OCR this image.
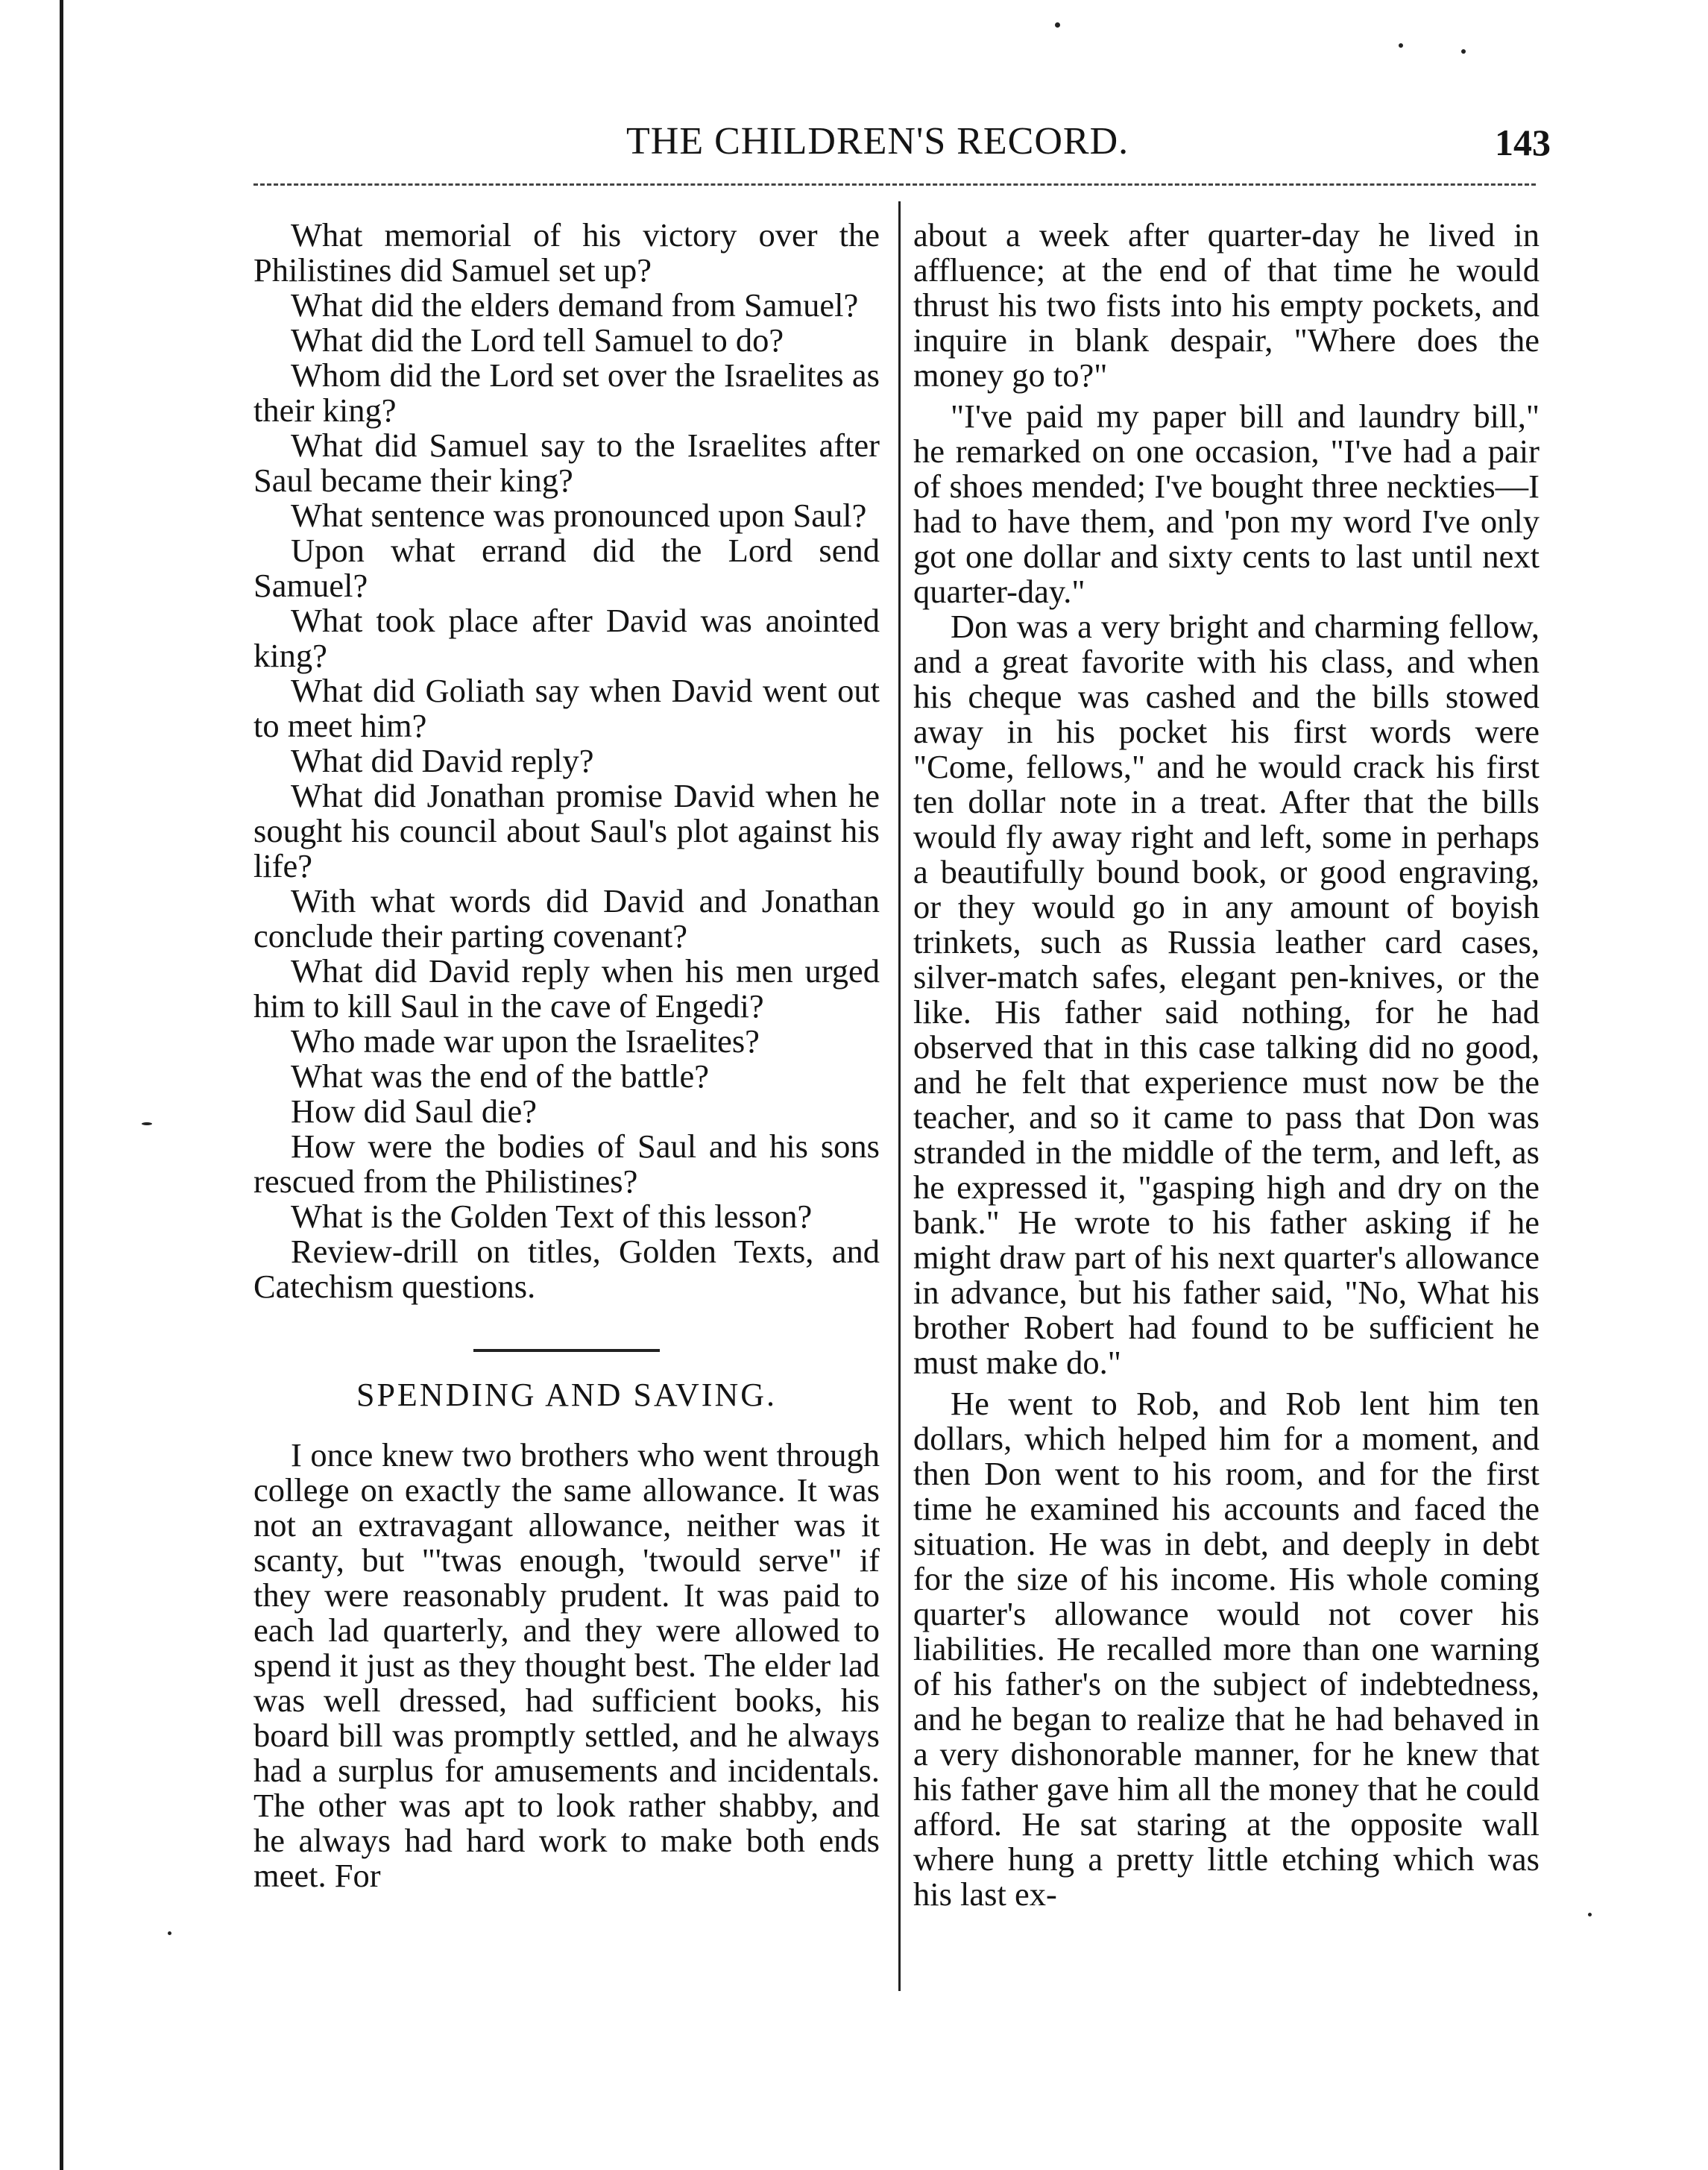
THE CHILDREN'S RECORD.	143

What memorial of his victory over the Philistines did Samuel set up?

What did the elders demand from Samuel?

What did the Lord tell Samuel to do?

Whom did the Lord set over the Israelites as their king?

What did Samuel say to the Israelites after Saul became their king?

What sentence was pronounced upon Saul?

Upon what errand did the Lord send Samuel?

What took place after David was anointed king?

What did Goliath say when David went out to meet him?

What did David reply?

What did Jonathan promise David when he sought his council about Saul's plot against his life?

With what words did David and Jonathan conclude their parting covenant?

What did David reply when his men urged him to kill Saul in the cave of Engedi?

Who made war upon the Israelites?

What was the end of the battle?

How did Saul die?

How were the bodies of Saul and his sons rescued from the Philistines?

What is the Golden Text of this lesson?

Review-drill on titles, Golden Texts, and Catechism questions.

SPENDING AND SAVING.

I once knew two brothers who went through college on exactly the same allowance. It was not an extravagant allowance, neither was it scanty, but "'twas enough, 'twould serve" if they were reasonably prudent. It was paid to each lad quarterly, and they were allowed to spend it just as they thought best. The elder lad was well dressed, had sufficient books, his board bill was promptly settled, and he always had a surplus for amusements and incidentals. The other was apt to look rather shabby, and he always had hard work to make both ends meet. For

about a week after quarter-day he lived in affluence; at the end of that time he would thrust his two fists into his empty pockets, and inquire in blank despair, "Where does the money go to?"

"I've paid my paper bill and laundry bill," he remarked on one occasion, "I've had a pair of shoes mended; I've bought three neckties—I had to have them, and 'pon my word I've only got one dollar and sixty cents to last until next quarter-day."

Don was a very bright and charming fellow, and a great favorite with his class, and when his cheque was cashed and the bills stowed away in his pocket his first words were "Come, fellows," and he would crack his first ten dollar note in a treat. After that the bills would fly away right and left, some in perhaps a beautifully bound book, or good engraving, or they would go in any amount of boyish trinkets, such as Russia leather card cases, silver-match safes, elegant pen-knives, or the like. His father said nothing, for he had observed that in this case talking did no good, and he felt that experience must now be the teacher, and so it came to pass that Don was stranded in the middle of the term, and left, as he expressed it, "gasping high and dry on the bank." He wrote to his father asking if he might draw part of his next quarter's allowance in advance, but his father said, "No, What his brother Robert had found to be sufficient he must make do."

He went to Rob, and Rob lent him ten dollars, which helped him for a moment, and then Don went to his room, and for the first time he examined his accounts and faced the situation. He was in debt, and deeply in debt for the size of his income. His whole coming quarter's allowance would not cover his liabilities. He recalled more than one warning of his father's on the subject of indebtedness, and he began to realize that he had behaved in a very dishonorable manner, for he knew that his father gave him all the money that he could afford. He sat staring at the opposite wall where hung a pretty little etching which was his last ex-
